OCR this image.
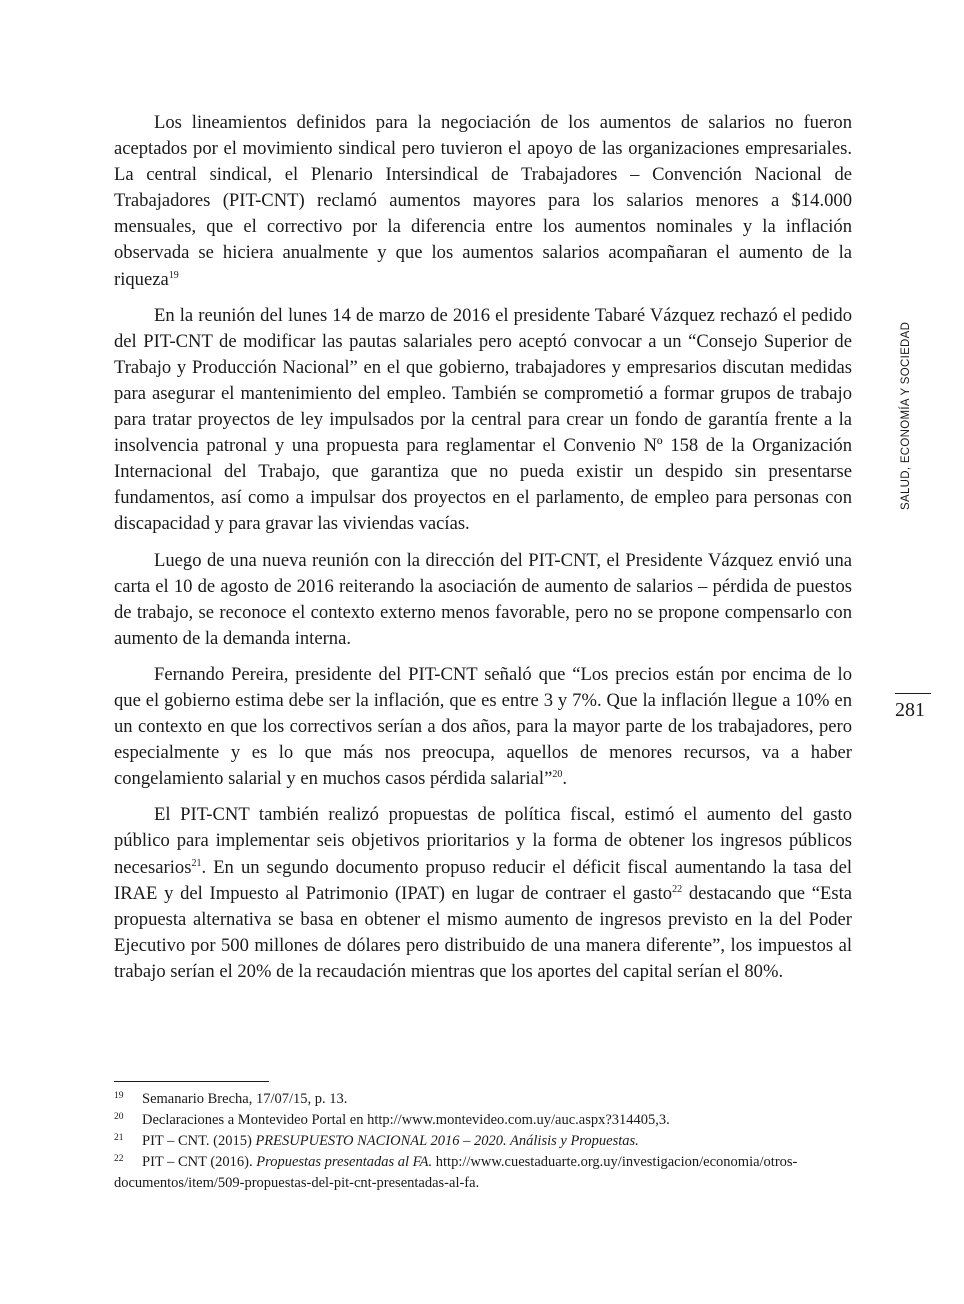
Los lineamientos definidos para la negociación de los aumentos de salarios no fueron aceptados por el movimiento sindical pero tuvieron el apoyo de las organizaciones empresariales. La central sindical, el Plenario Intersindical de Trabajadores – Convención Nacional de Trabajadores (PIT-CNT) reclamó aumentos mayores para los salarios menores a $14.000 mensuales, que el correctivo por la diferencia entre los aumentos nominales y la inflación observada se hiciera anualmente y que los aumentos salarios acompañaran el aumento de la riqueza$^{19}$

En la reunión del lunes 14 de marzo de 2016 el presidente Tabaré Vázquez rechazó el pedido del PIT-CNT de modificar las pautas salariales pero aceptó convocar a un “Consejo Superior de Trabajo y Producción Nacional” en el que gobierno, trabajadores y empresarios discutan medidas para asegurar el mantenimiento del empleo. También se comprometió a formar grupos de trabajo para tratar proyectos de ley impulsados por la central para crear un fondo de garantía frente a la insolvencia patronal y una propuesta para reglamentar el Convenio Nº 158 de la Organización Internacional del Trabajo, que garantiza que no pueda existir un despido sin presentarse fundamentos, así como a impulsar dos proyectos en el parlamento, de empleo para personas con discapacidad y para gravar las viviendas vacías.

Luego de una nueva reunión con la dirección del PIT-CNT, el Presidente Vázquez envió una carta el 10 de agosto de 2016 reiterando la asociación de aumento de salarios – pérdida de puestos de trabajo, se reconoce el contexto externo menos favorable, pero no se propone compensarlo con aumento de la demanda interna.

Fernando Pereira, presidente del PIT-CNT señaló que “Los precios están por encima de lo que el gobierno estima debe ser la inflación, que es entre 3 y 7%. Que la inflación llegue a 10% en un contexto en que los correctivos serían a dos años, para la mayor parte de los trabajadores, pero especialmente y es lo que más nos preocupa, aquellos de menores recursos, va a haber congelamiento salarial y en muchos casos pérdida salarial”$^{20}$.

El PIT-CNT también realizó propuestas de política fiscal, estimó el aumento del gasto público para implementar seis objetivos prioritarios y la forma de obtener los ingresos públicos necesarios$^{21}$. En un segundo documento propuso reducir el déficit fiscal aumentando la tasa del IRAE y del Impuesto al Patrimonio (IPAT) en lugar de contraer el gasto$^{22}$ destacando que “Esta propuesta alternativa se basa en obtener el mismo aumento de ingresos previsto en la del Poder Ejecutivo por 500 millones de dólares pero distribuido de una manera diferente”, los impuestos al trabajo serían el 20% de la recaudación mientras que los aportes del capital serían el 80%.

SALUD, ECONOMÍA Y SOCIEDAD
281

19 Semanario Brecha, 17/07/15, p. 13.

20 Declaraciones a Montevideo Portal en http://www.montevideo.com.uy/auc.aspx?314405,3.

21 PIT – CNT. (2015) PRESUPUESTO NACIONAL 2016 – 2020. Análisis y Propuestas.

22 PIT – CNT (2016). Propuestas presentadas al FA. http://www.cuestaduarte.org.uy/investigacion/economia/otros-documentos/item/509-propuestas-del-pit-cnt-presentadas-al-fa.
